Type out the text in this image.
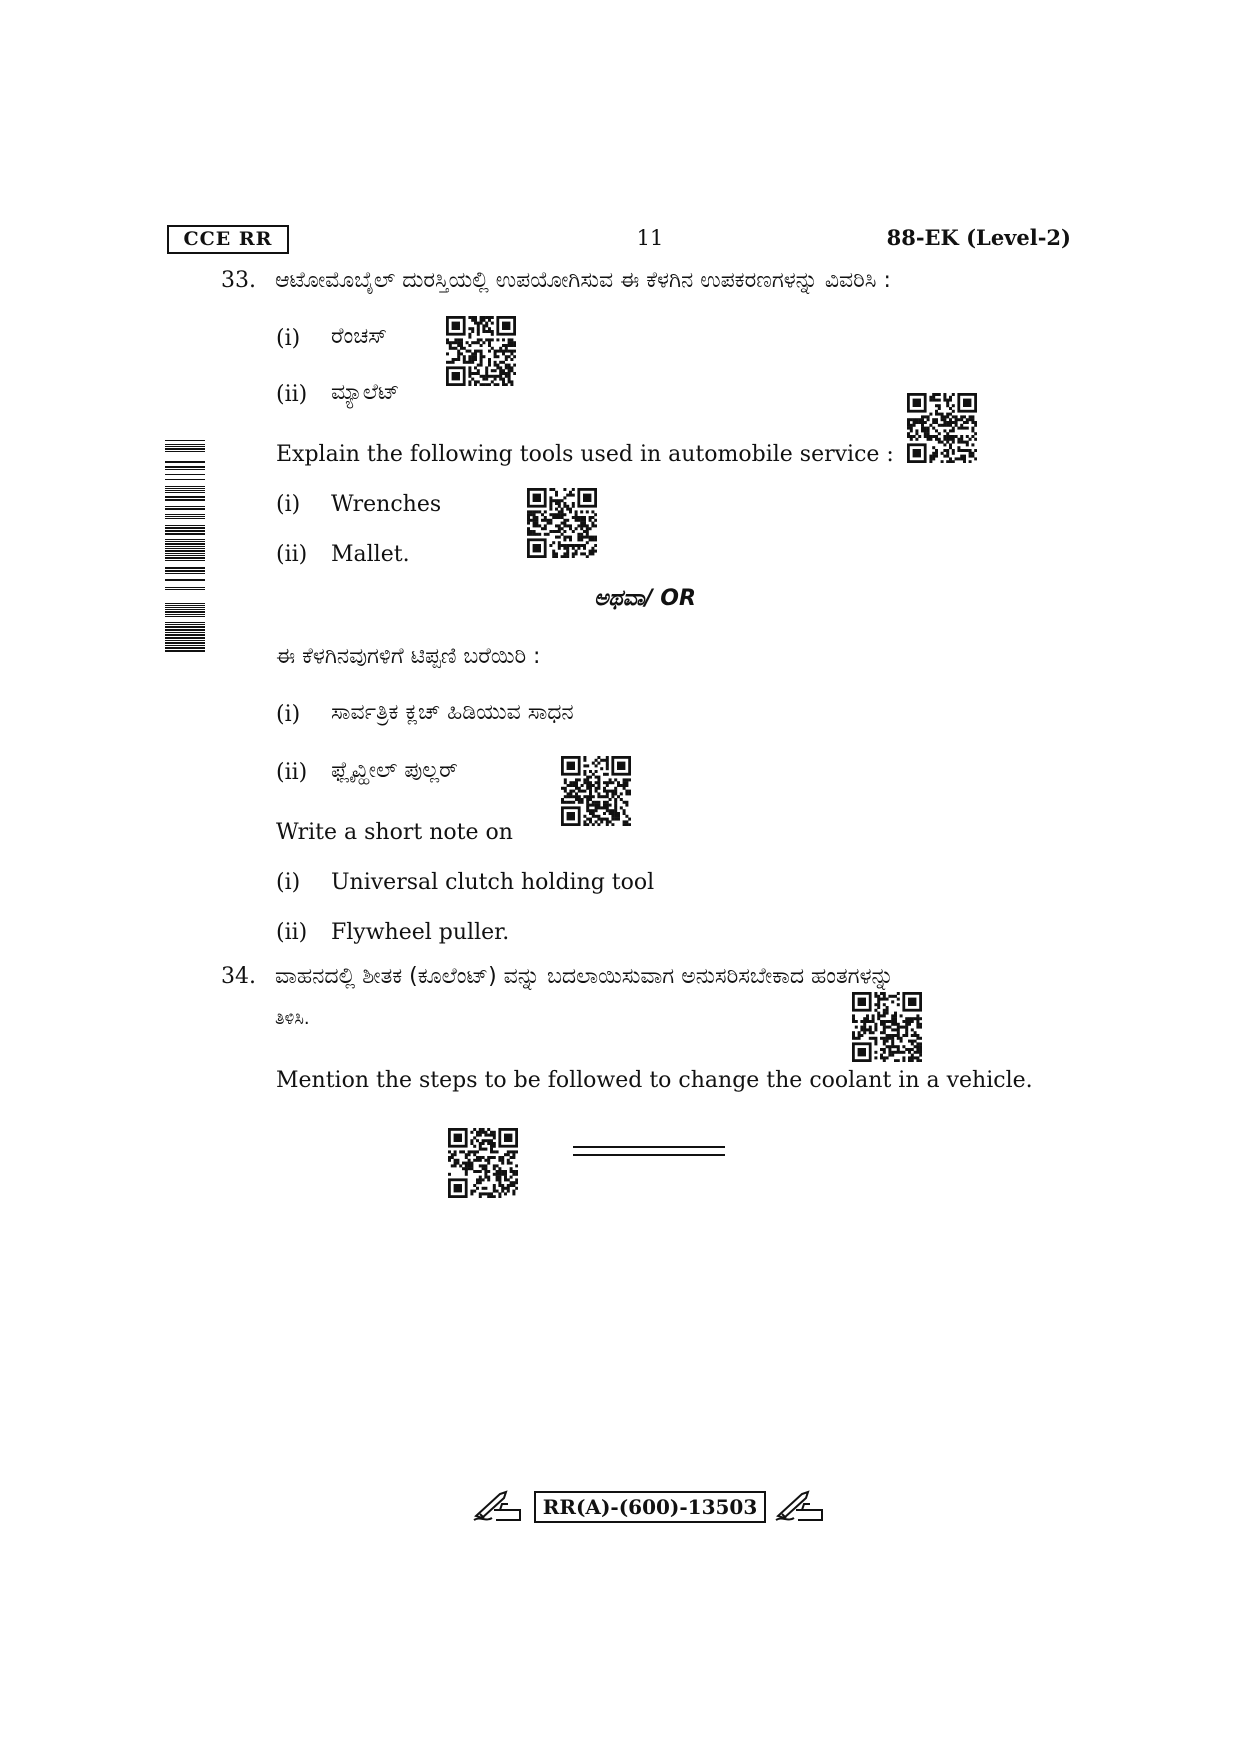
CCE RR	11	88-EK (Level-2)
33. ಆಟೋಮೊಬೈಲ್ ದುರಸ್ತಿಯಲ್ಲಿ ಉಪಯೋಗಿಸುವ ಈ ಕೆಳಗಿನ ಉಪಕರಣಗಳನ್ನು ವಿವರಿಸಿ :
(i) ರೆಂಚಸ್
(ii) ಮ್ಯಾಲೆಟ್
Explain the following tools used in automobile service :
(i) Wrenches
(ii) Mallet.
ಅಥವಾ/ OR
ಈ ಕೆಳಗಿನವುಗಳಿಗೆ ಟಿಪ್ಪಣಿ ಬರೆಯಿರಿ :
(i) ಸಾರ್ವತ್ರಿಕ ಕ್ಲಚ್ ಹಿಡಿಯುವ ಸಾಧನ
(ii) ಫ್ಲೈವ್ಹೀಲ್ ಪುಲ್ಲರ್
Write a short note on
(i) Universal clutch holding tool
(ii) Flywheel puller.
34. ವಾಹನದಲ್ಲಿ ಶೀತಕ (ಕೂಲೆಂಟ್) ವನ್ನು ಬದಲಾಯಿಸುವಾಗ ಅನುಸರಿಸಬೇಕಾದ ಹಂತಗಳನ್ನು
ತಿಳಿಸಿ.
Mention the steps to be followed to change the coolant in a vehicle.
RR(A)-(600)-13503
